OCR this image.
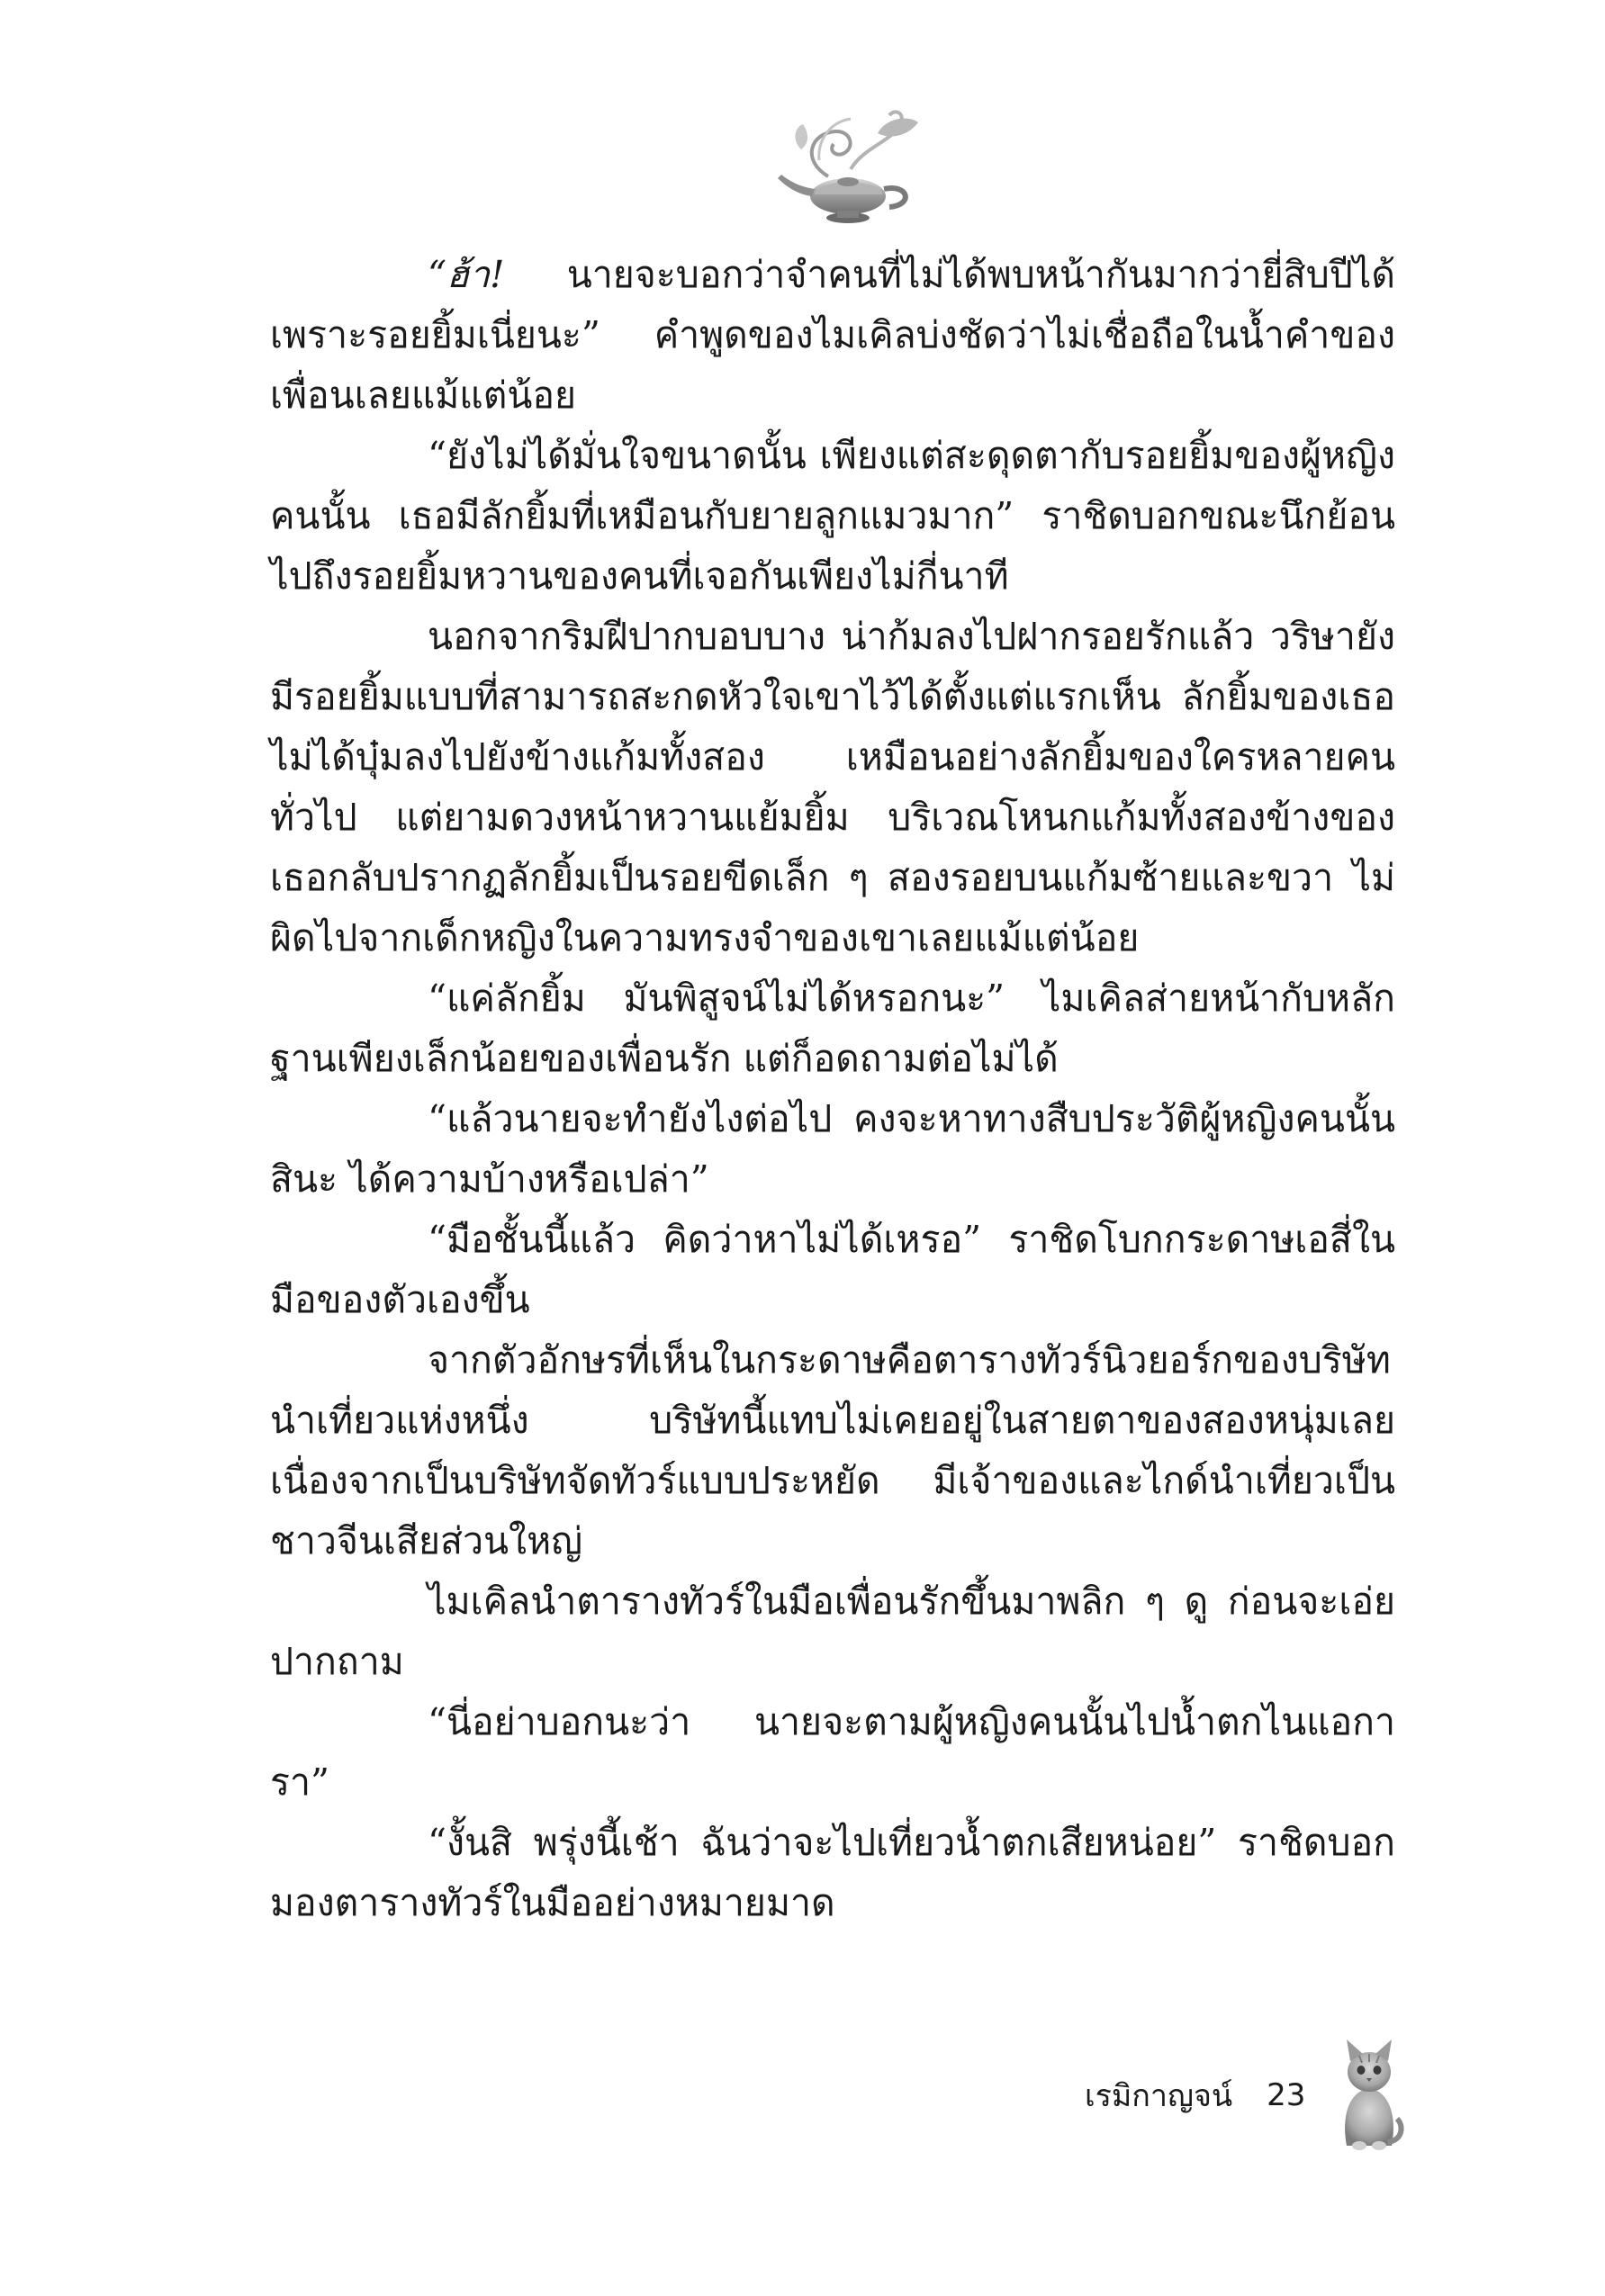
“ฮ้า! นายจะบอกว่าจำคนที่ไม่ได้พบหน้ากันมากว่ายี่สิบปีได้เพราะรอยยิ้มเนี่ยนะ” คำพูดของไมเคิลบ่งชัดว่าไม่เชื่อถือในน้ำคำของเพื่อนเลยแม้แต่น้อย

“ยังไม่ได้มั่นใจขนาดนั้น เพียงแต่สะดุดตากับรอยยิ้มของผู้หญิงคนนั้น เธอมีลักยิ้มที่เหมือนกับยายลูกแมวมาก” ราชิดบอกขณะนึกย้อนไปถึงรอยยิ้มหวานของคนที่เจอกันเพียงไม่กี่นาที

นอกจากริมฝีปากบอบบาง น่าก้มลงไปฝากรอยรักแล้ว วริษายังมีรอยยิ้มแบบที่สามารถสะกดหัวใจเขาไว้ได้ตั้งแต่แรกเห็น ลักยิ้มของเธอไม่ได้บุ๋มลงไปยังข้างแก้มทั้งสอง เหมือนอย่างลักยิ้มของใครหลายคนทั่วไป แต่ยามดวงหน้าหวานแย้มยิ้ม บริเวณโหนกแก้มทั้งสองข้างของเธอกลับปรากฏลักยิ้มเป็นรอยขีดเล็ก ๆ สองรอยบนแก้มซ้ายและขวา ไม่ผิดไปจากเด็กหญิงในความทรงจำของเขาเลยแม้แต่น้อย

“แค่ลักยิ้ม มันพิสูจน์ไม่ได้หรอกนะ” ไมเคิลส่ายหน้ากับหลักฐานเพียงเล็กน้อยของเพื่อนรัก แต่ก็อดถามต่อไม่ได้

“แล้วนายจะทำยังไงต่อไป คงจะหาทางสืบประวัติผู้หญิงคนนั้นสินะ ได้ความบ้างหรือเปล่า”

“มือชั้นนี้แล้ว คิดว่าหาไม่ได้เหรอ” ราชิดโบกกระดาษเอสี่ในมือของตัวเองขึ้น

จากตัวอักษรที่เห็นในกระดาษคือตารางทัวร์นิวยอร์กของบริษัทนำเที่ยวแห่งหนึ่ง บริษัทนี้แทบไม่เคยอยู่ในสายตาของสองหนุ่มเลยเนื่องจากเป็นบริษัทจัดทัวร์แบบประหยัด มีเจ้าของและไกด์นำเที่ยวเป็นชาวจีนเสียส่วนใหญ่

ไมเคิลนำตารางทัวร์ในมือเพื่อนรักขึ้นมาพลิก ๆ ดู ก่อนจะเอ่ยปากถาม

“นี่อย่าบอกนะว่า นายจะตามผู้หญิงคนนั้นไปน้ำตกไนแอการา”

“งั้นสิ พรุ่งนี้เช้า ฉันว่าจะไปเที่ยวน้ำตกเสียหน่อย” ราชิดบอกมองตารางทัวร์ในมืออย่างหมายมาด

เรมิกาญจน์ 23
